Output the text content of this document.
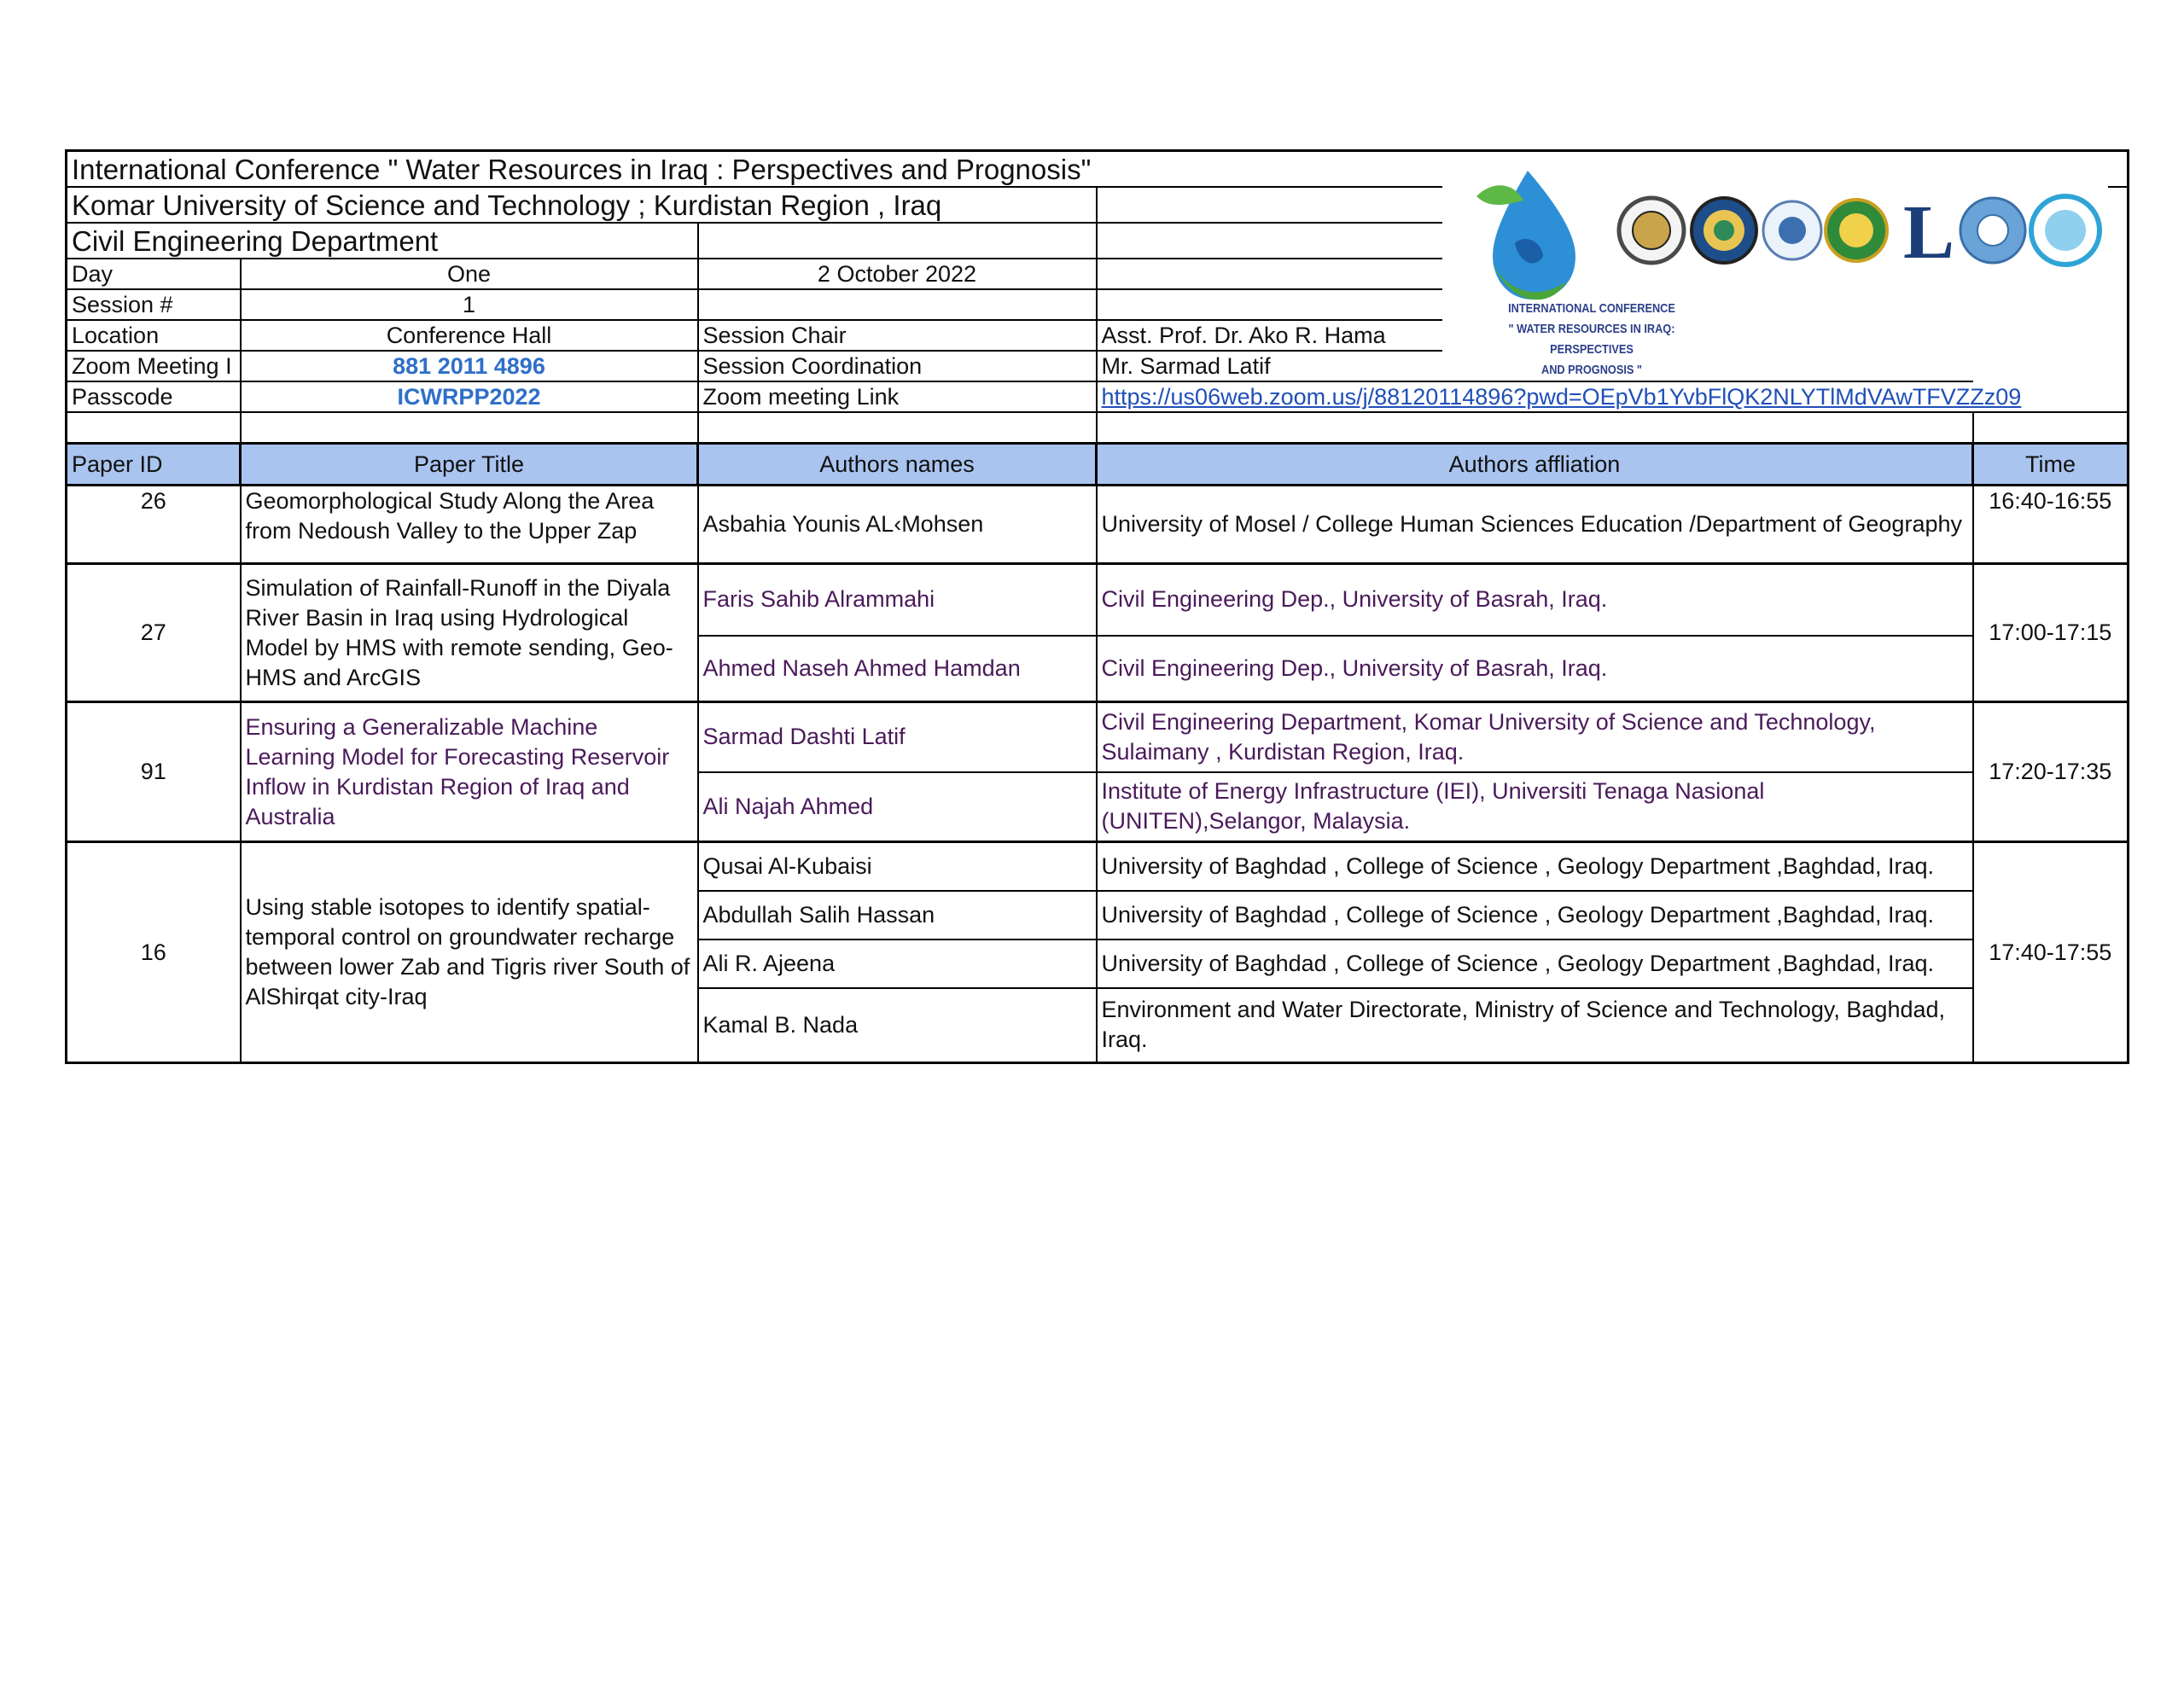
International Conference " Water Resources in Iraq : Perspectives and Prognosis"				
Komar University of Science and Technology ; Kurdistan Region , Iraq				
Civil Engineering Department				
Day	One	2 October 2022		
Session #	1			
Location	Conference Hall	Session Chair	Asst. Prof. Dr. Ako R. Hama	
Zoom Meeting I	881 2011 4896	Session Coordination	Mr. Sarmad Latif	
Passcode	ICWRPP2022	Zoom meeting Link	https://us06web.zoom.us/j/88120114896?pwd=OEpVb1YvbFlQK2NLYTlMdVAwTFVZZz09	

Paper ID	Paper Title	Authors names	Authors affliation	Time
26	Geomorphological Study Along the Area from Nedoush Valley to the Upper Zap	Asbahia Younis AL‹Mohsen	University of Mosel / College Human Sciences Education /Department of Geography	16:40-16:55
27	Simulation of Rainfall-Runoff in the Diyala River Basin in Iraq using Hydrological Model by HMS with remote sending, Geo-HMS and ArcGIS	Faris Sahib Alrammahi	Civil Engineering Dep., University of Basrah, Iraq.	17:00-17:15
		Ahmed Naseh Ahmed Hamdan	Civil Engineering Dep., University of Basrah, Iraq.	
91	Ensuring a Generalizable Machine Learning Model for Forecasting Reservoir Inflow in Kurdistan Region of Iraq and Australia	Sarmad Dashti Latif	Civil Engineering Department, Komar University of Science and Technology, Sulaimany , Kurdistan Region, Iraq.	17:20-17:35
		Ali Najah Ahmed	Institute of Energy Infrastructure (IEI), Universiti Tenaga Nasional (UNITEN),Selangor, Malaysia.	
16	Using stable isotopes to identify spatial-temporal control on groundwater recharge between lower Zab and Tigris river South of AlShirqat city-Iraq	Qusai Al-Kubaisi	University of Baghdad , College of Science , Geology Department ,Baghdad, Iraq.	17:40-17:55
		Abdullah Salih Hassan	University of Baghdad , College of Science , Geology Department ,Baghdad, Iraq.	
		Ali R. Ajeena	University of Baghdad , College of Science , Geology Department ,Baghdad, Iraq.	
		Kamal B. Nada	Environment and Water Directorate, Ministry of Science and Technology, Baghdad, Iraq.	
L
INTERNATIONAL CONFERENCE
" WATER RESOURCES IN IRAQ: PERSPECTIVES
AND PROGNOSIS "
